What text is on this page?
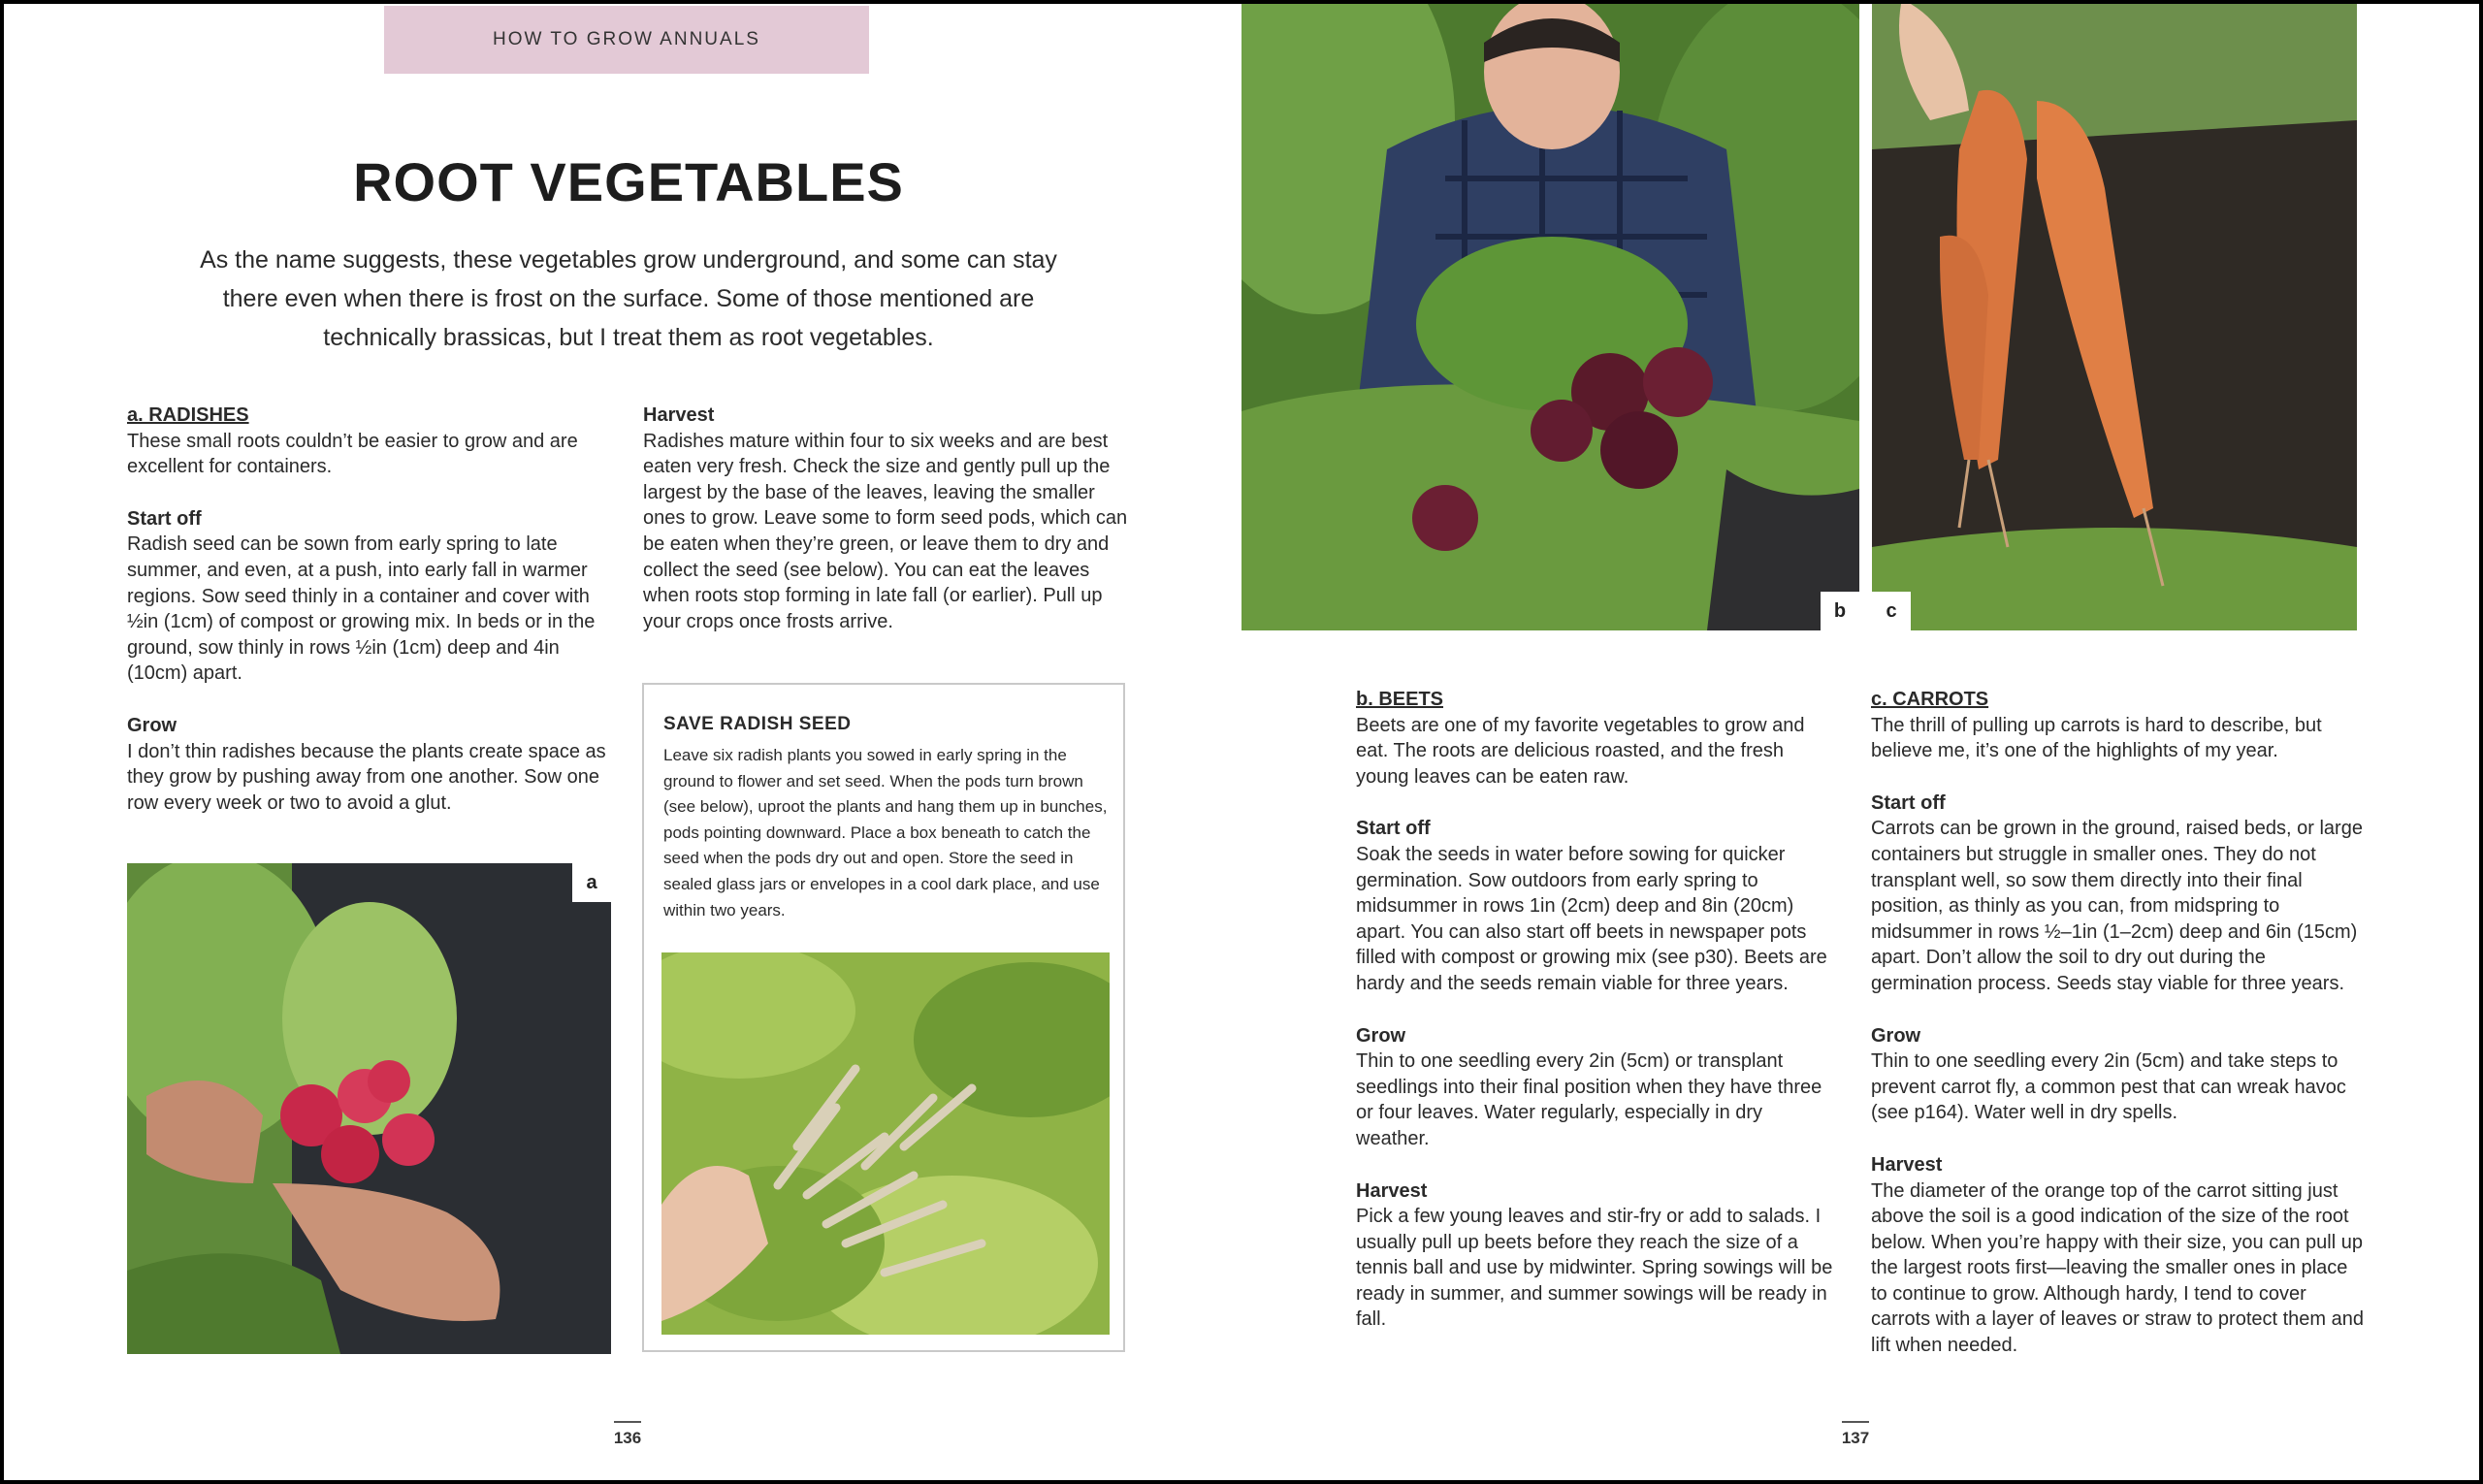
HOW TO GROW ANNUALS
ROOT VEGETABLES
As the name suggests, these vegetables grow underground, and some can stay there even when there is frost on the surface. Some of those mentioned are technically brassicas, but I treat them as root vegetables.
a. RADISHES

These small roots couldn’t be easier to grow and are excellent for containers.

Start off

Radish seed can be sown from early spring to late summer, and even, at a push, into early fall in warmer regions. Sow seed thinly in a container and cover with ½in (1cm) of compost or growing mix. In beds or in the ground, sow thinly in rows ½in (1cm) deep and 4in (10cm) apart.

Grow

I don’t thin radishes because the plants create space as they grow by pushing away from one another. Sow one row every week or two to avoid a glut.

Harvest

Radishes mature within four to six weeks and are best eaten very fresh. Check the size and gently pull up the largest by the base of the leaves, leaving the smaller ones to grow. Leave some to form seed pods, which can be eaten when they’re green, or leave them to dry and collect the seed (see below). You can eat the leaves when roots stop forming in late fall (or earlier). Pull up your crops once frosts arrive.

SAVE RADISH SEED
Leave six radish plants you sowed in early spring in the ground to flower and set seed. When the pods turn brown (see below), uproot the plants and hang them up in bunches, pods pointing downward. Place a box beneath to catch the seed when the pods dry out and open. Store the seed in sealed glass jars or envelopes in a cool dark place, and use within two years.
a
136
b	c
b. BEETS

Beets are one of my favorite vegetables to grow and eat. The roots are delicious roasted, and the fresh young leaves can be eaten raw.

Start off

Soak the seeds in water before sowing for quicker germination. Sow outdoors from early spring to midsummer in rows 1in (2cm) deep and 8in (20cm) apart. You can also start off beets in newspaper pots filled with compost or growing mix (see p30). Beets are hardy and the seeds remain viable for three years.

Grow

Thin to one seedling every 2in (5cm) or transplant seedlings into their final position when they have three or four leaves. Water regularly, especially in dry weather.

Harvest

Pick a few young leaves and stir-fry or add to salads. I usually pull up beets before they reach the size of a tennis ball and use by midwinter. Spring sowings will be ready in summer, and summer sowings will be ready in fall.

c. CARROTS

The thrill of pulling up carrots is hard to describe, but believe me, it’s one of the highlights of my year.

Start off

Carrots can be grown in the ground, raised beds, or large containers but struggle in smaller ones. They do not transplant well, so sow them directly into their final position, as thinly as you can, from midspring to midsummer in rows ½–1in (1–2cm) deep and 6in (15cm) apart. Don’t allow the soil to dry out during the germination process. Seeds stay viable for three years.

Grow

Thin to one seedling every 2in (5cm) and take steps to prevent carrot fly, a common pest that can wreak havoc (see p164). Water well in dry spells.

Harvest

The diameter of the orange top of the carrot sitting just above the soil is a good indication of the size of the root below. When you’re happy with their size, you can pull up the largest roots first—leaving the smaller ones in place to continue to grow. Although hardy, I tend to cover carrots with a layer of leaves or straw to protect them and lift when needed.

137
